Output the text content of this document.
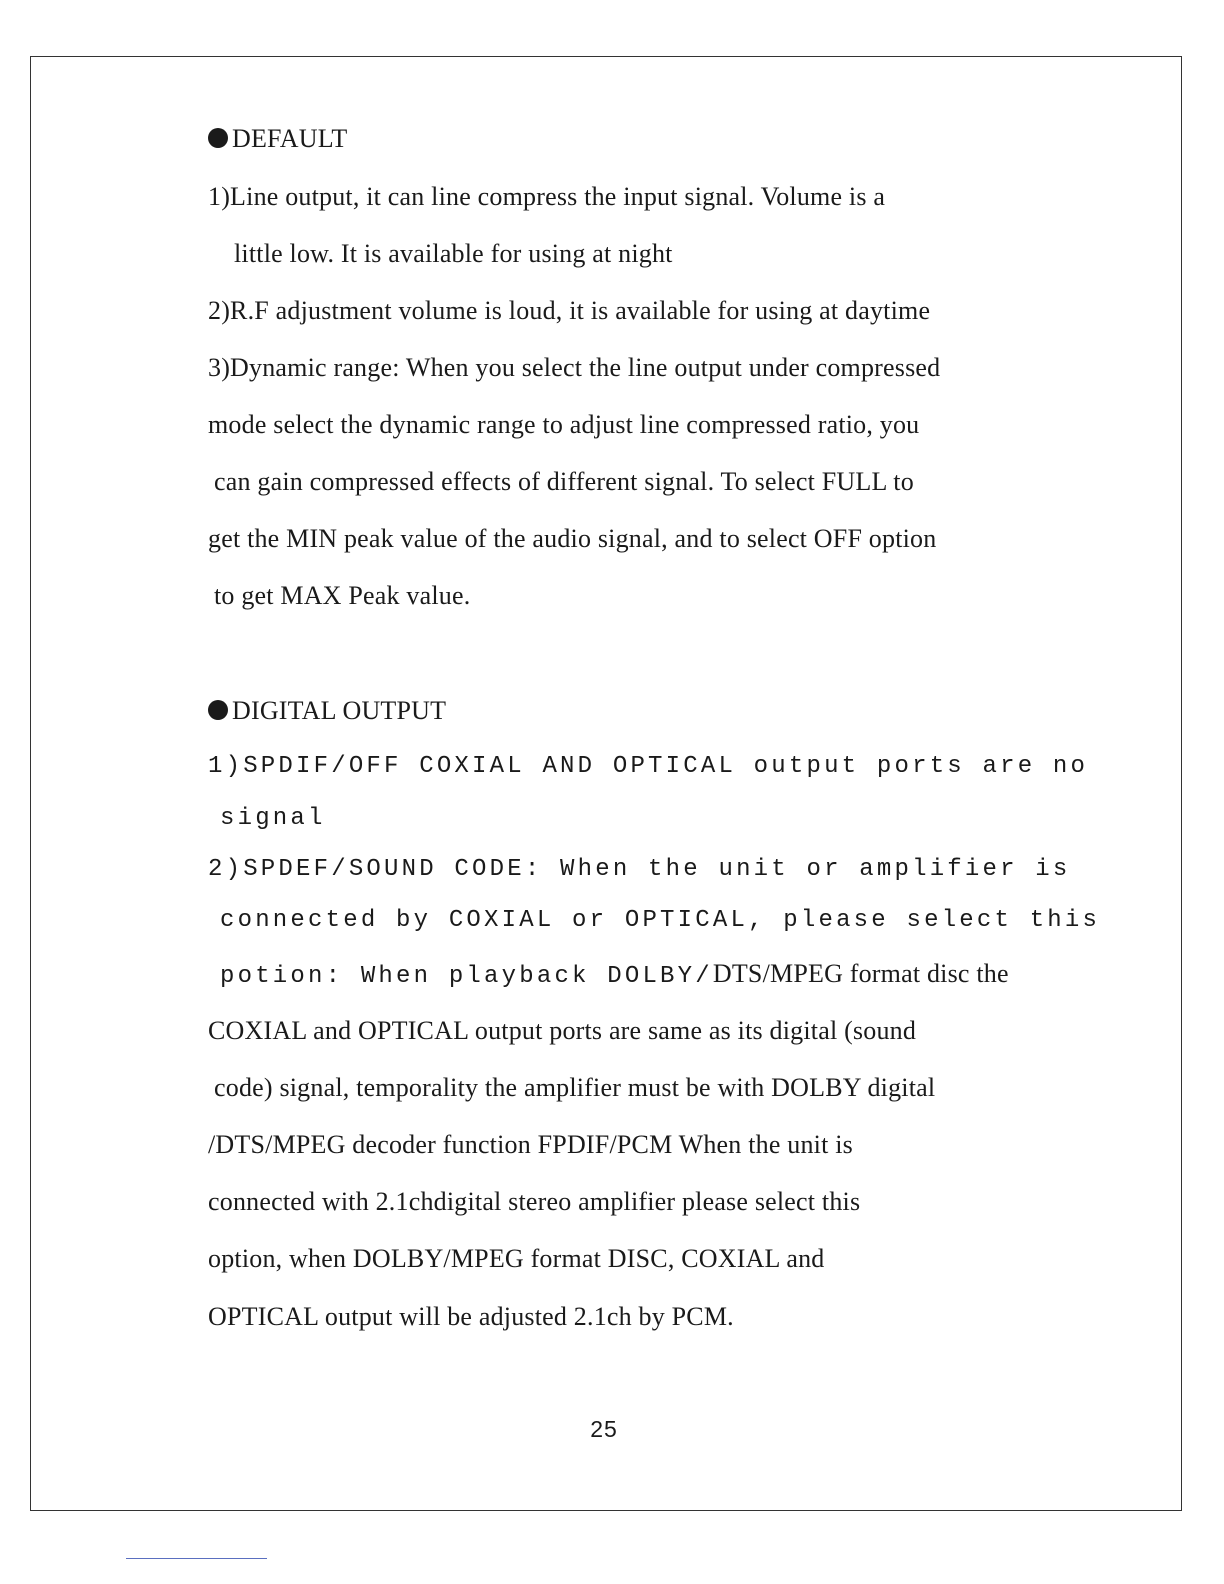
DEFAULT
1)Line output, it can line compress the input signal. Volume is a
little low. It is available for using at night
2)R.F adjustment volume is loud, it is available for using at daytime
3)Dynamic range: When you select the line output under compressed
mode select the dynamic range to adjust line compressed ratio, you
can gain compressed effects of different signal. To select FULL to
get the MIN peak value of the audio signal, and to select OFF option
to get MAX Peak value.
DIGITAL OUTPUT
1)SPDIF/OFF COXIAL AND OPTICAL output ports are no
signal
2)SPDEF/SOUND CODE: When the unit or amplifier is
connected by COXIAL or OPTICAL, please select this
potion: When playback DOLBY/DTS/MPEG format disc the
COXIAL and OPTICAL output ports are same as its digital (sound
code) signal, temporality the amplifier must be with DOLBY digital
/DTS/MPEG decoder function FPDIF/PCM When the unit is
connected with 2.1chdigital stereo amplifier please select this
option, when DOLBY/MPEG format DISC, COXIAL and
OPTICAL output will be adjusted 2.1ch by PCM.
25
